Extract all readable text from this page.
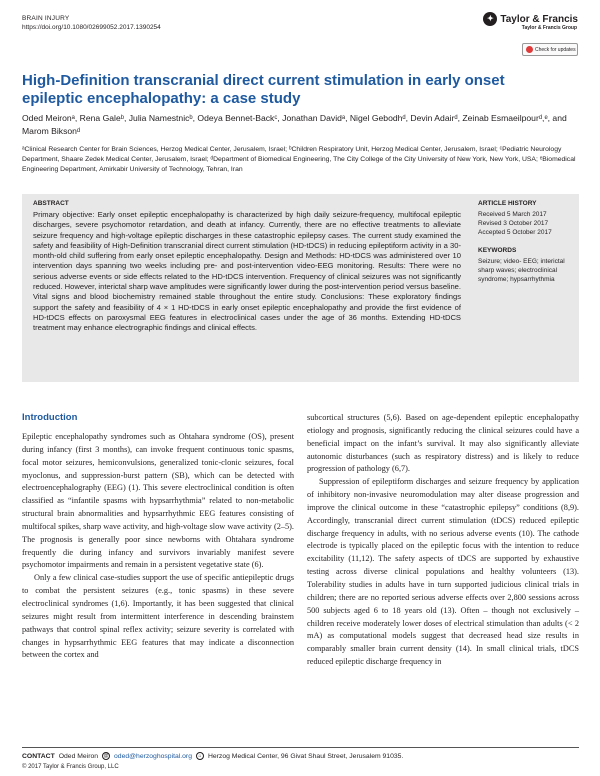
BRAIN INJURY
https://doi.org/10.1080/02699052.2017.1390254
✦ Taylor & Francis
Taylor & Francis Group
Check for updates
High-Definition transcranial direct current stimulation in early onset epileptic encephalopathy: a case study
Oded Meironᵃ, Rena Galeᵇ, Julia Namestnicᵇ, Odeya Bennet-Backᶜ, Jonathan Davidᵃ, Nigel Gebodhᵈ, Devin Adairᵈ, Zeinab Esmaeilpourᵈ,ᵉ, and Marom Biksonᵈ
ᵃClinical Research Center for Brain Sciences, Herzog Medical Center, Jerusalem, Israel; ᵇChildren Respiratory Unit, Herzog Medical Center, Jerusalem, Israel; ᶜPediatric Neurology Department, Shaare Zedek Medical Center, Jerusalem, Israel; ᵈDepartment of Biomedical Engineering, The City College of the City University of New York, New York, USA; ᵉBiomedical Engineering Department, Amirkabir University of Technology, Tehran, Iran
ABSTRACT
Primary objective: Early onset epileptic encephalopathy is characterized by high daily seizure-frequency, multifocal epileptic discharges, severe psychomotor retardation, and death at infancy. Currently, there are no effective treatments to alleviate seizure frequency and high-voltage epileptic discharges in these catastrophic epilepsy cases. The current study examined the safety and feasibility of High-Definition transcranial direct current stimulation (HD-tDCS) in reducing epileptiform activity in a 30-month-old child suffering from early onset epileptic encephalopathy. Design and Methods: HD-tDCS was administered over 10 intervention days spanning two weeks including pre- and post-intervention video-EEG monitoring. Results: There were no serious adverse events or side effects related to the HD-tDCS intervention. Frequency of clinical seizures was not significantly reduced. However, interictal sharp wave amplitudes were significantly lower during the post-intervention period versus baseline. Vital signs and blood biochemistry remained stable throughout the entire study. Conclusions: These exploratory findings support the safety and feasibility of 4 × 1 HD-tDCS in early onset epileptic encephalopathy and provide the first evidence of HD-tDCS effects on paroxysmal EEG features in electroclinical cases under the age of 36 months. Extending HD-tDCS treatment may enhance electrographic findings and clinical effects.
ARTICLE HISTORY
Received 5 March 2017
Revised 3 October 2017
Accepted 5 October 2017
KEYWORDS
Seizure; video- EEG; interictal sharp waves; electroclinical syndrome; hypsarrhythmia
Introduction

Epileptic encephalopathy syndromes such as Ohtahara syndrome (OS), present during infancy (first 3 months), can invoke frequent continuous tonic spasms, focal motor seizures, hemiconvulsions, generalized tonic-clonic seizures, focal myoclonus, and suppression-burst pattern (SB), which can be detected with electroencephalography (EEG) (1). This severe electroclinical condition is often classified as “infantile spasms with hypsarrhythmia” related to non-metabolic structural brain abnormalities and hypsarrhythmic EEG features consisting of multifocal spikes, sharp wave activity, and high-voltage slow wave activity (2–5). The prognosis is generally poor since newborns with Ohtahara syndrome frequently die during infancy and survivors invariably manifest severe psychomotor impairments and remain in a persistent vegetative state (6).

Only a few clinical case-studies support the use of specific antiepileptic drugs to combat the persistent seizures (e.g., tonic spasms) in these severe electroclinical syndromes (1,6). Importantly, it has been suggested that clinical seizures might result from intermittent interference in descending brainstem pathways that control spinal reflex activity; seizure severity is correlated with changes in hypsarrhythmic EEG features that may indicate a disconnection between the cortex and

subcortical structures (5,6). Based on age-dependent epileptic encephalopathy etiology and prognosis, significantly reducing the clinical seizures could have a beneficial impact on the infant’s survival. It may also significantly alleviate autonomic disturbances (such as respiratory distress) and is likely to reduce progression of pathology (6,7).

Suppression of epileptiform discharges and seizure frequency by application of inhibitory non-invasive neuromodulation may alter disease progression and improve the clinical outcome in these “catastrophic epilepsy” conditions (8,9). Accordingly, transcranial direct current stimulation (tDCS) reduced epileptic discharge frequency in adults, with no serious adverse events (10). The cathode electrode is typically placed on the epileptic focus with the intention to reduce excitability (11,12). The safety aspects of tDCS are supported by exhaustive testing across diverse clinical populations and healthy volunteers (13). Tolerability studies in adults have in turn supported judicious clinical trials in children; there are no reported serious adverse effects over 2,800 sessions across 500 subjects aged 6 to 18 years old (13). Often – though not exclusively – children receive moderately lower doses of electrical stimulation than adults (< 2 mA) as computational models suggest that decreased head size results in comparably smaller brain current density (14). In small clinical trials, tDCS reduced epileptic discharge frequency in

CONTACT Oded Meiron @ oded@herzoghospital.org	⌂ Herzog Medical Center, 96 Givat Shaul Street, Jerusalem 91035.
© 2017 Taylor & Francis Group, LLC
